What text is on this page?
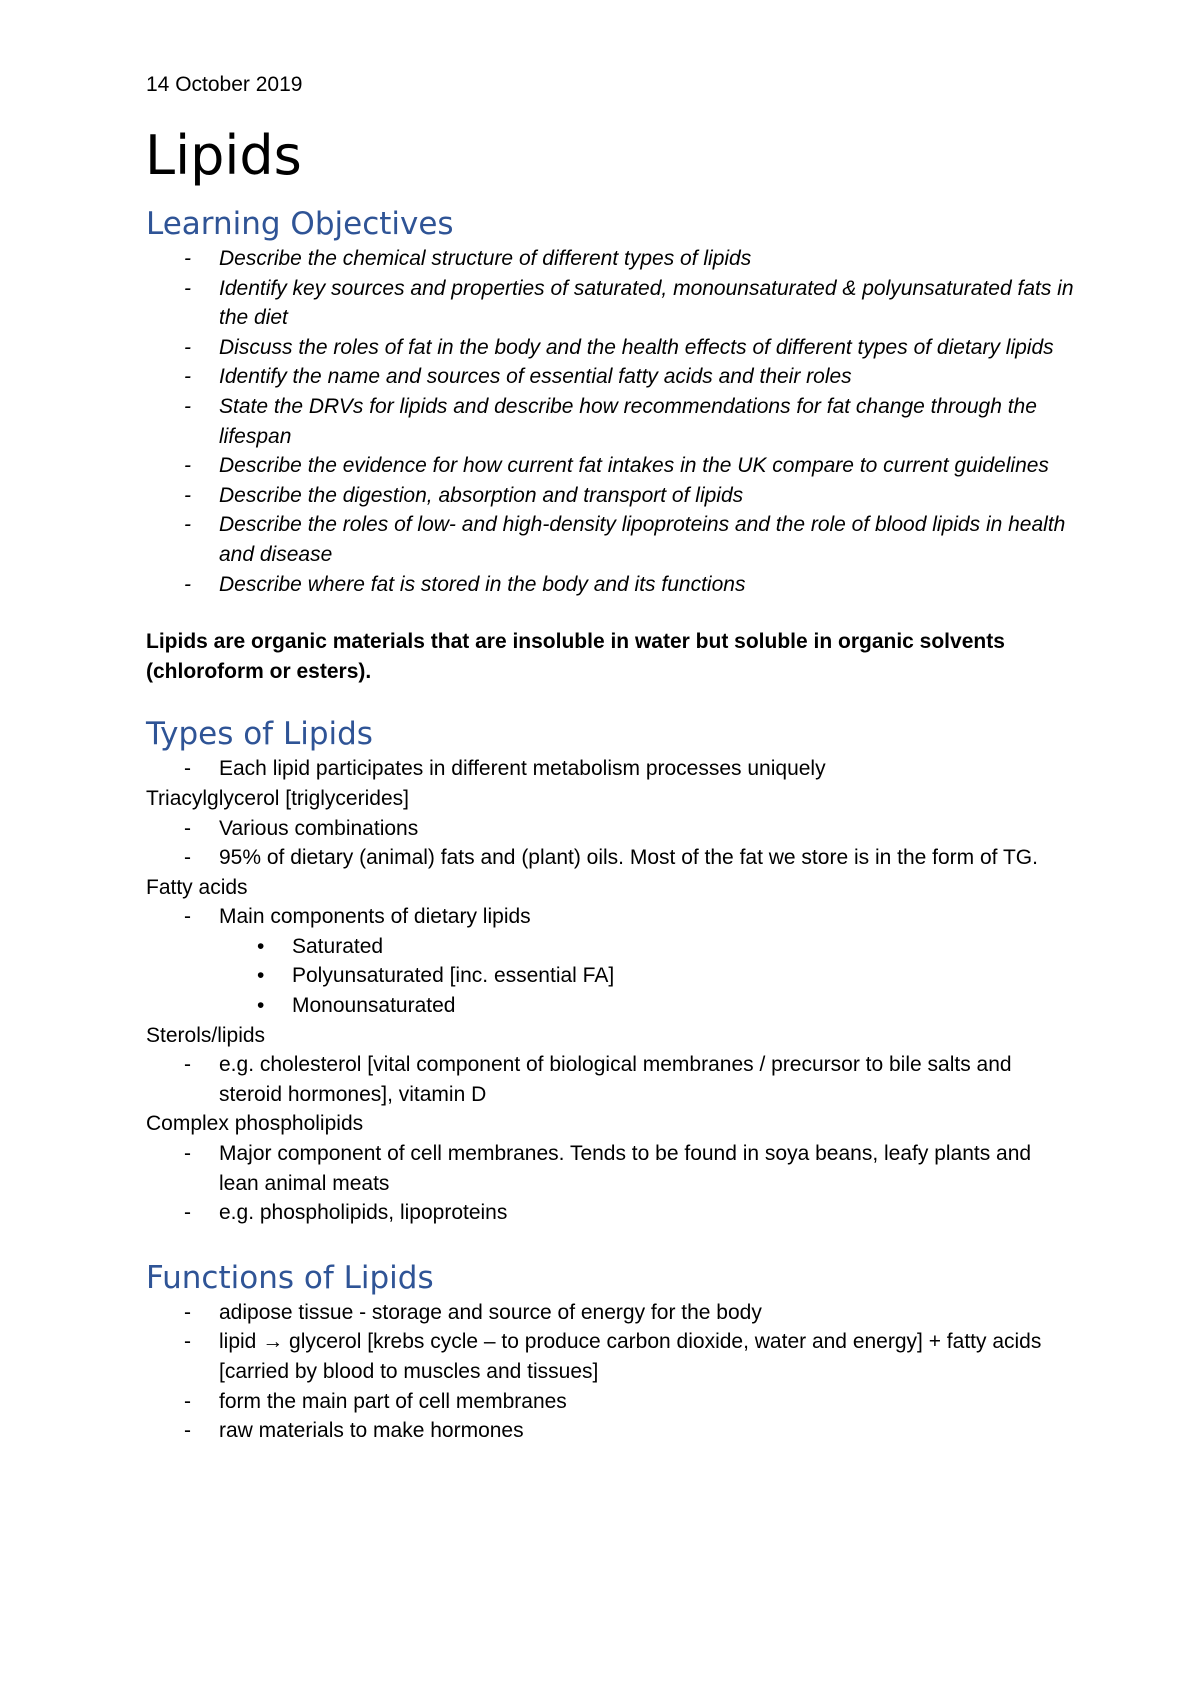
14 October 2019

Lipids
Learning Objectives
- Describe the chemical structure of different types of lipids
- Identify key sources and properties of saturated, monounsaturated & polyunsaturated fats in the diet
- Discuss the roles of fat in the body and the health effects of different types of dietary lipids
- Identify the name and sources of essential fatty acids and their roles
- State the DRVs for lipids and describe how recommendations for fat change through the lifespan
- Describe the evidence for how current fat intakes in the UK compare to current guidelines
- Describe the digestion, absorption and transport of lipids
- Describe the roles of low- and high-density lipoproteins and the role of blood lipids in health and disease
- Describe where fat is stored in the body and its functions

Lipids are organic materials that are insoluble in water but soluble in organic solvents (chloroform or esters).

Types of Lipids
- Each lipid participates in different metabolism processes uniquely

Triacylglycerol [triglycerides]

- Various combinations
- 95% of dietary (animal) fats and (plant) oils. Most of the fat we store is in the form of TG.

Fatty acids

- Main components of dietary lipids
• Saturated
• Polyunsaturated [inc. essential FA]
• Monounsaturated

Sterols/lipids

- e.g. cholesterol [vital component of biological membranes / precursor to bile salts and steroid hormones], vitamin D

Complex phospholipids

- Major component of cell membranes. Tends to be found in soya beans, leafy plants and lean animal meats
- e.g. phospholipids, lipoproteins
Functions of Lipids
- adipose tissue - storage and source of energy for the body
- lipid → glycerol [krebs cycle – to produce carbon dioxide, water and energy] + fatty acids [carried by blood to muscles and tissues]
- form the main part of cell membranes
- raw materials to make hormones
